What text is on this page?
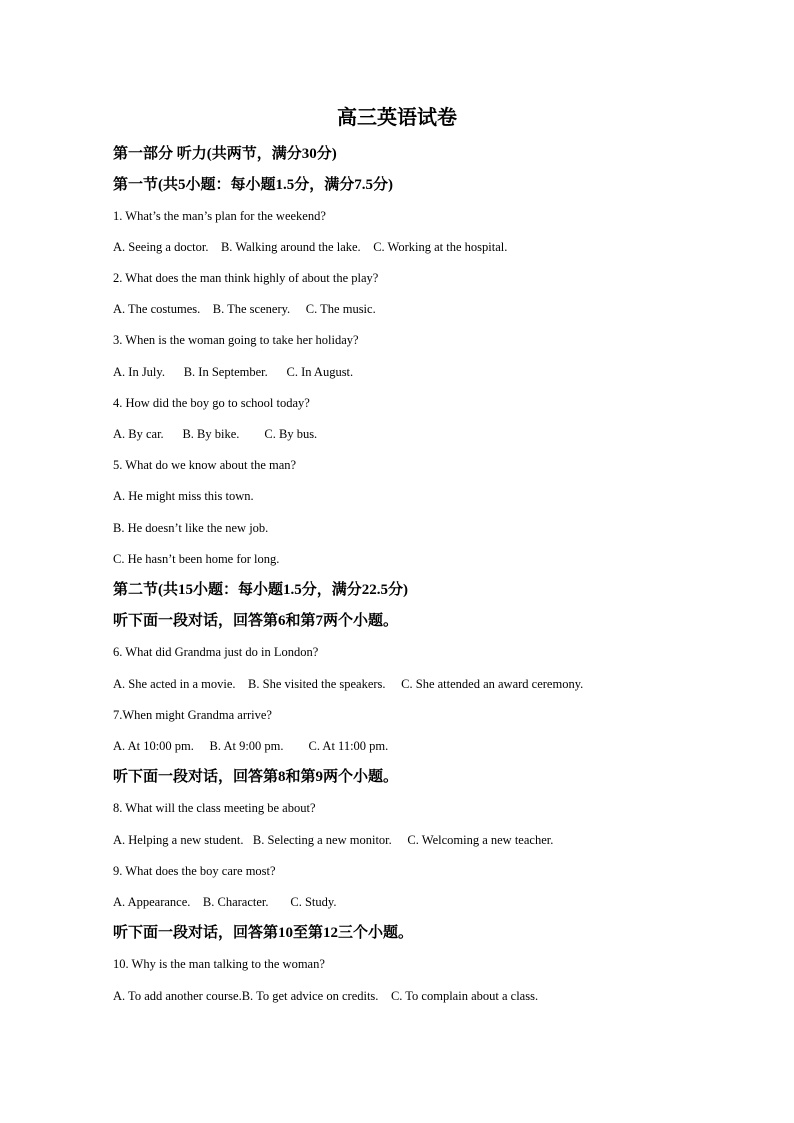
高三英语试卷
第一部分 听力(共两节，满分30分)
第一节(共5小题：每小题1.5分，满分7.5分)
1. What’s the man’s plan for the weekend?
A. Seeing a doctor. B. Walking around the lake. C. Working at the hospital.
2. What does the man think highly of about the play?
A. The costumes. B. The scenery. C. The music.
3. When is the woman going to take her holiday?
A. In July. B. In September. C. In August.
4. How did the boy go to school today?
A. By car. B. By bike. C. By bus.
5. What do we know about the man?
A. He might miss this town.
B. He doesn’t like the new job.
C. He hasn’t been home for long.
第二节(共15小题：每小题1.5分，满分22.5分)
听下面一段对话，回答第6和第7两个小题。
6. What did Grandma just do in London?
A. She acted in a movie. B. She visited the speakers. C. She attended an award ceremony.
7.When might Grandma arrive?
A. At 10:00 pm. B. At 9:00 pm. C. At 11:00 pm.
听下面一段对话，回答第8和第9两个小题。
8. What will the class meeting be about?
A. Helping a new student. B. Selecting a new monitor. C. Welcoming a new teacher.
9. What does the boy care most?
A. Appearance. B. Character. C. Study.
听下面一段对话，回答第10至第12三个小题。
10. Why is the man talking to the woman?
A. To add another course.B. To get advice on credits. C. To complain about a class.
